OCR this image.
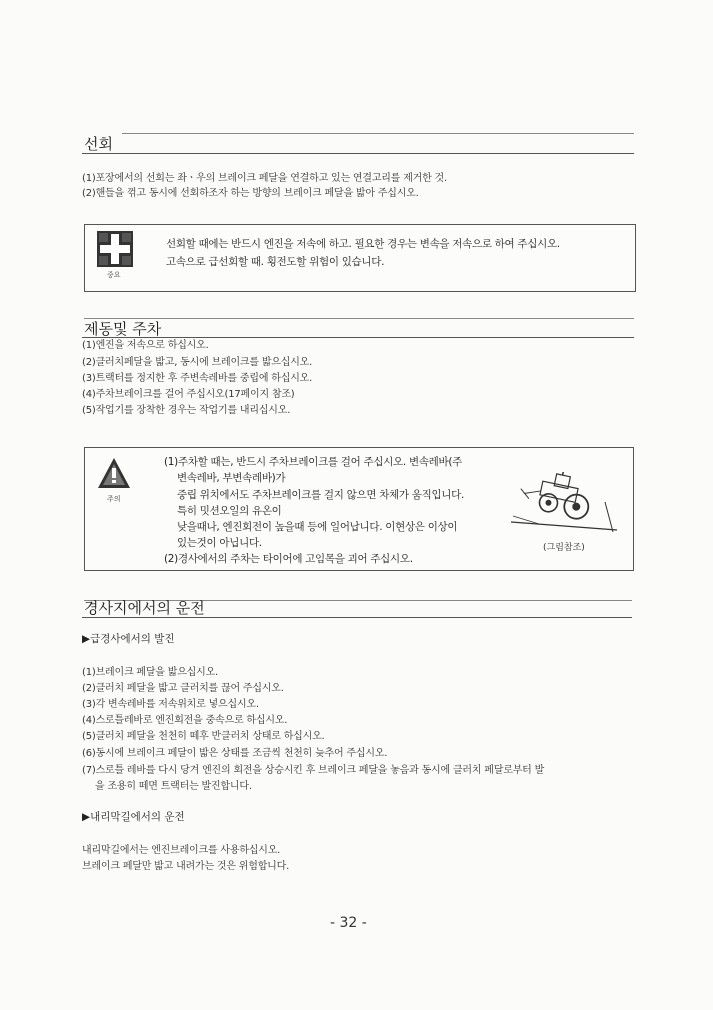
선회
(1)포장에서의 선회는 좌ㆍ우의 브레이크 페달을 연결하고 있는 연결고리를 제거한 것.
(2)핸들을 꺾고 동시에 선회하조자 하는 방향의 브레이크 페달을 밟아 주십시오.
중요
선회할 때에는 반드시 엔진을 저속에 하고. 필요한 경우는 변속을 저속으로 하여 주십시오.
고속으로 급선회할 때. 횡전도할 위험이 있습니다.
제동및 주차
(1)엔진을 저속으로 하십시오.
(2)클러치페달을 밟고, 동시에 브레이크를 밟으십시오.
(3)트랙터를 정지한 후 주변속레바를 중립에 하십시오.
(4)주차브레이크를 걸어 주십시오(17페이지 참조)
(5)작업기를 장착한 경우는 작업기를 내리십시오.
주의
(1)주차할 때는, 반드시 주차브레이크를 걸어 주십시오. 변속레바(주
변속레바, 부변속레바)가
중립 위치에서도 주차브레이크를 걸지 않으면 차체가 움직입니다.
특히 밋션오일의 유온이
낮을때나, 엔진회전이 높을때 등에 일어납니다. 이현상은 이상이
있는것이 아닙니다.
(2)경사에서의 주차는 타이어에 고임목을 괴어 주십시오.
(그림참조)
경사지에서의 운전
▶급경사에서의 발진
(1)브레이크 페달을 밟으십시오.
(2)클러치 페달을 밟고 클러치를 끊어 주십시오.
(3)각 변속레바를 저속위치로 넣으십시오.
(4)스로틀레바로 엔진회전을 중속으로 하십시오.
(5)클러치 페달을 천천히 떼후 반클러치 상태로 하십시오.
(6)동시에 브레이크 페달이 밟은 상태를 조금씩 천천히 늦추어 주십시오.
(7)스로틀 레바를 다시 당겨 엔진의 회전을 상승시킨 후 브레이크 페달을 놓음과 동시에 클러치 페달로부터 발
을 조용히 떼면 트랙터는 발진합니다.
▶내리막길에서의 운전
내리막길에서는 엔진브레이크를 사용하십시오.
브레이크 페달만 밟고 내려가는 것은 위험합니다.
- 32 -
